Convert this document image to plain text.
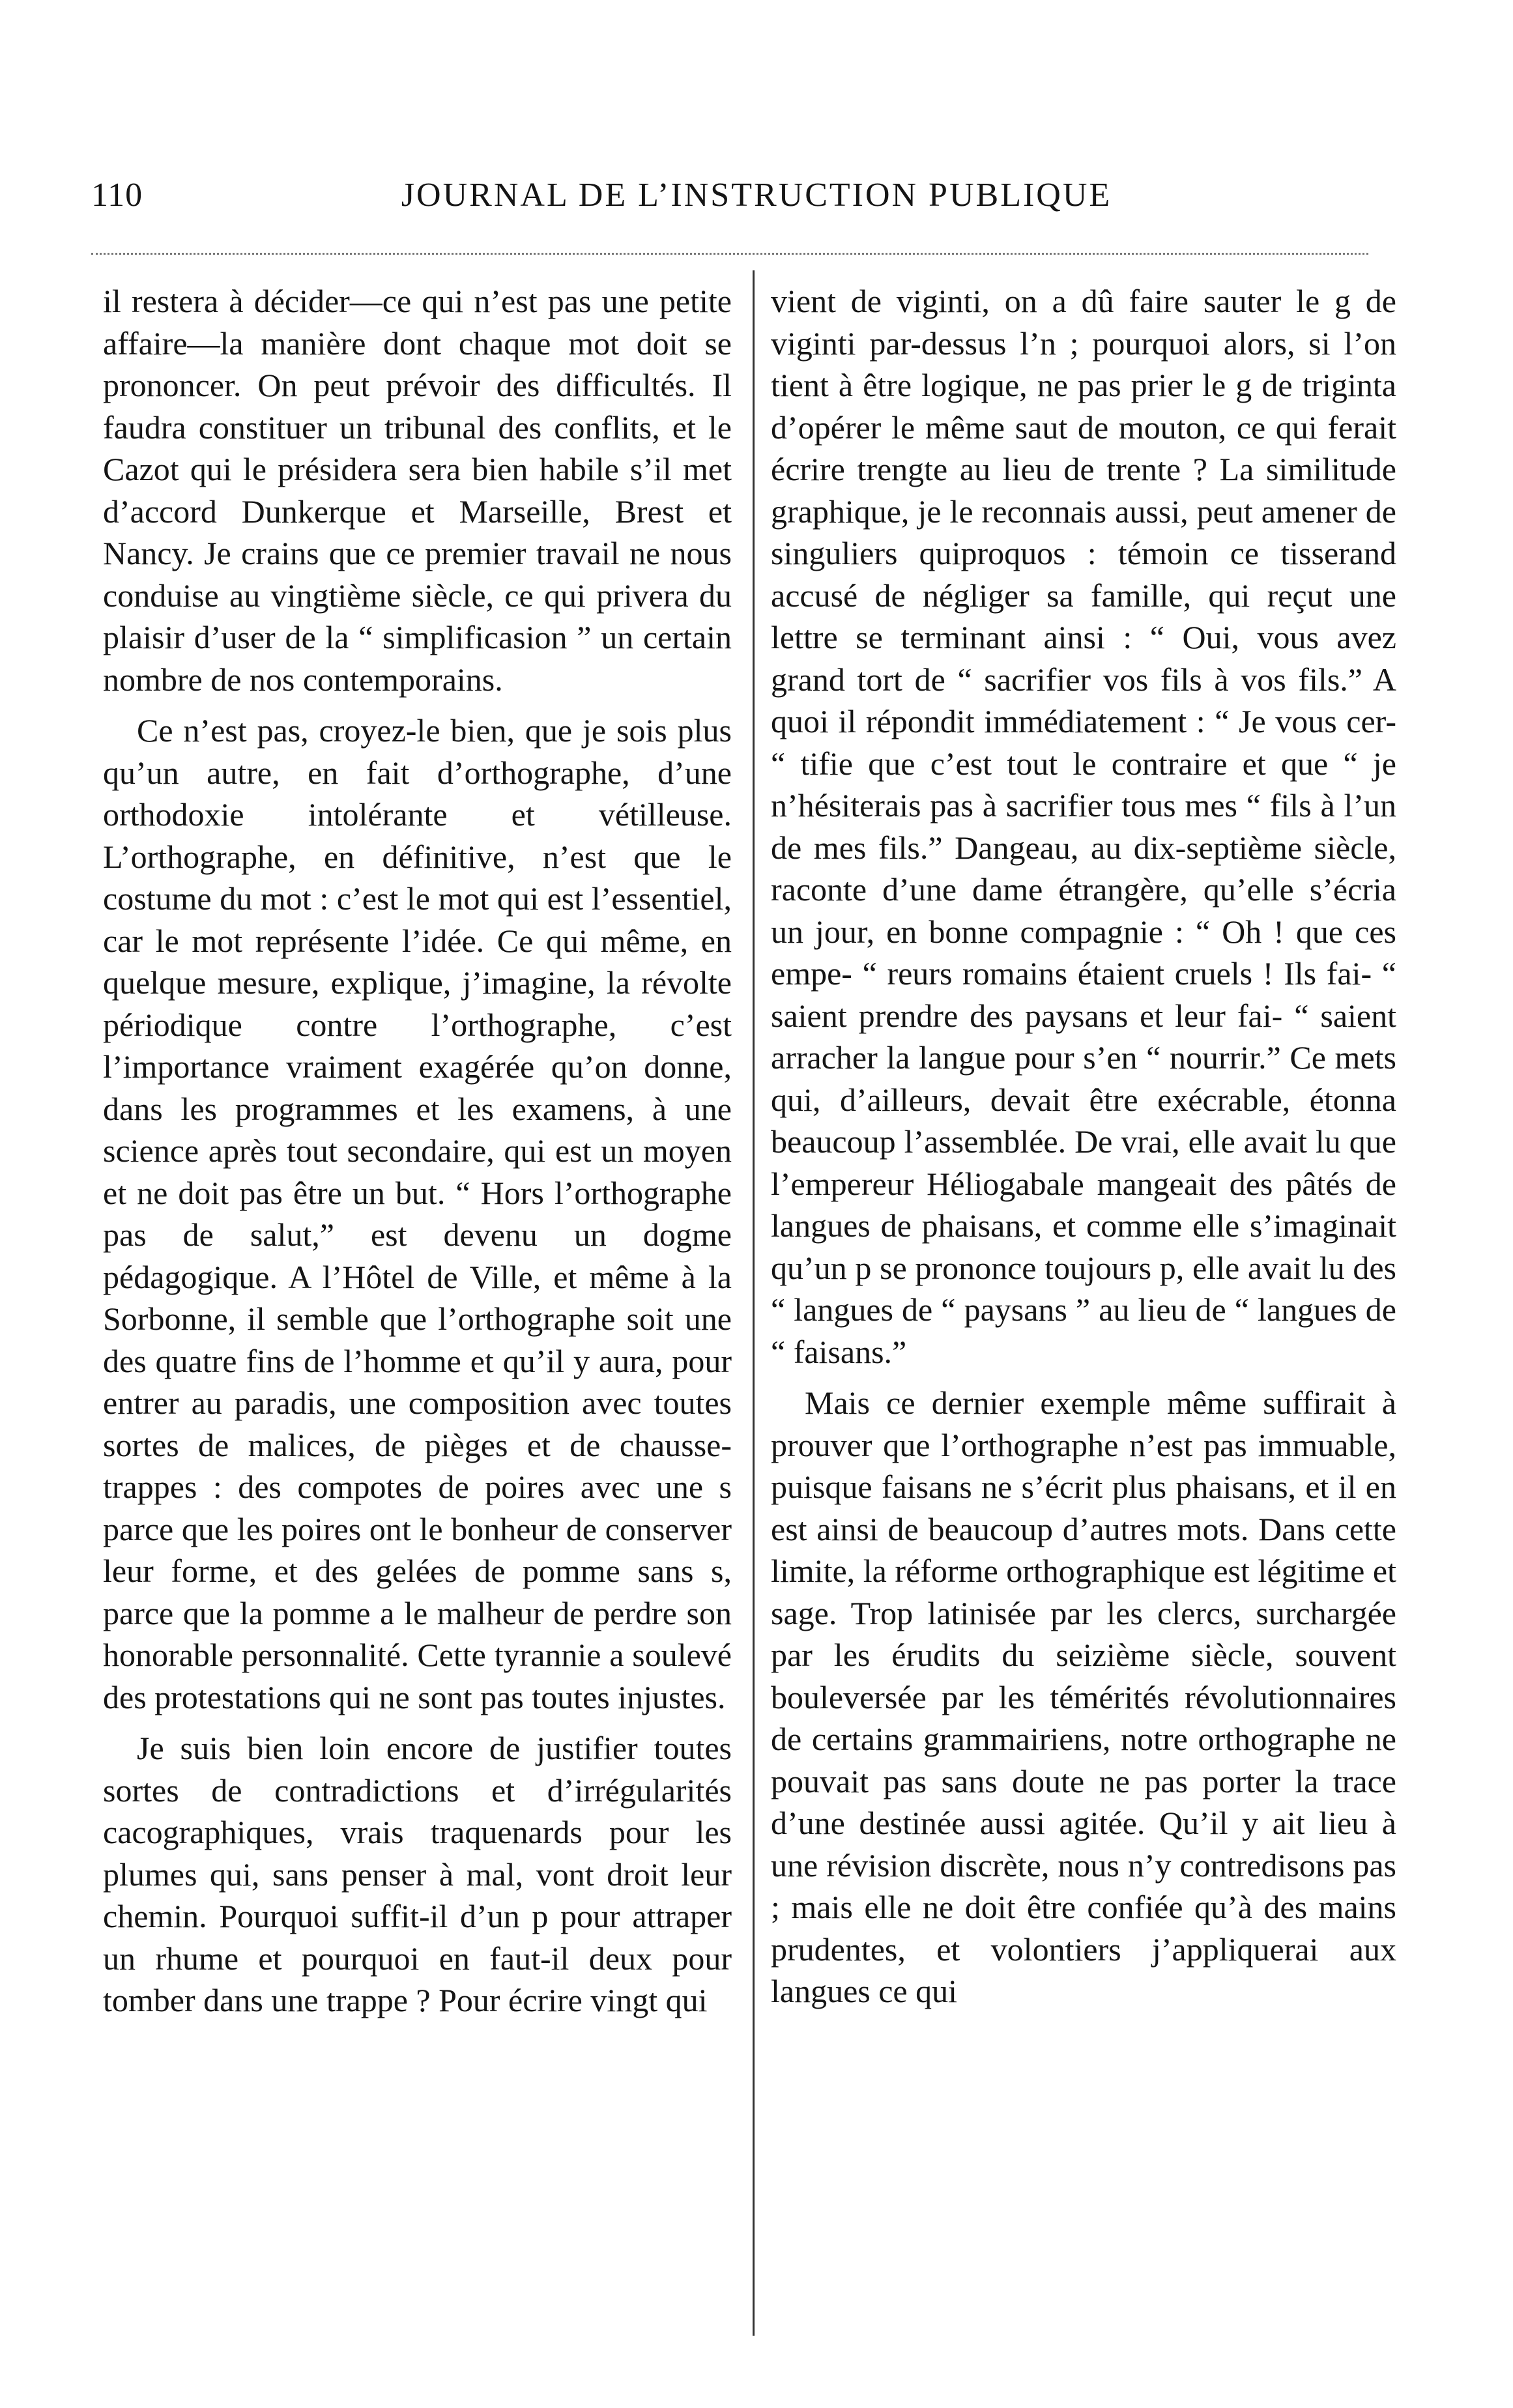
110	JOURNAL DE L’INSTRUCTION PUBLIQUE

il restera à décider—ce qui n’est pas une petite affaire—la manière dont chaque mot doit se prononcer. On peut prévoir des difficultés. Il faudra constituer un tribunal des conflits, et le Cazot qui le présidera sera bien habile s’il met d’accord Dunkerque et Marseille, Brest et Nancy. Je crains que ce premier travail ne nous conduise au vingtième siècle, ce qui privera du plaisir d’user de la “ simplificasion ” un certain nombre de nos contemporains.

Ce n’est pas, croyez-le bien, que je sois plus qu’un autre, en fait d’orthographe, d’une orthodoxie intolérante et vétilleuse. L’orthographe, en définitive, n’est que le costume du mot : c’est le mot qui est l’essentiel, car le mot représente l’idée. Ce qui même, en quelque mesure, explique, j’imagine, la révolte périodique contre l’orthographe, c’est l’importance vraiment exagérée qu’on donne, dans les programmes et les examens, à une science après tout secondaire, qui est un moyen et ne doit pas être un but. “ Hors l’orthographe pas de salut,” est devenu un dogme pédagogique. A l’Hôtel de Ville, et même à la Sorbonne, il semble que l’orthographe soit une des quatre fins de l’homme et qu’il y aura, pour entrer au paradis, une composition avec toutes sortes de malices, de pièges et de chausse-trappes : des compotes de poires avec une s parce que les poires ont le bonheur de conserver leur forme, et des gelées de pomme sans s, parce que la pomme a le malheur de perdre son honorable personnalité. Cette tyrannie a soulevé des protestations qui ne sont pas toutes injustes.

Je suis bien loin encore de justifier toutes sortes de contradictions et d’irrégularités cacographiques, vrais traquenards pour les plumes qui, sans penser à mal, vont droit leur chemin. Pourquoi suffit-il d’un p pour attraper un rhume et pourquoi en faut-il deux pour tomber dans une trappe ? Pour écrire vingt qui

vient de viginti, on a dû faire sauter le g de viginti par-dessus l’n ; pourquoi alors, si l’on tient à être logique, ne pas prier le g de triginta d’opérer le même saut de mouton, ce qui ferait écrire trengte au lieu de trente ? La similitude graphique, je le reconnais aussi, peut amener de singuliers quiproquos : témoin ce tisserand accusé de négliger sa famille, qui reçut une lettre se terminant ainsi : “ Oui, vous avez grand tort de “ sacrifier vos fils à vos fils.” A quoi il répondit immédiatement : “ Je vous cer- “ tifie que c’est tout le contraire et que “ je n’hésiterais pas à sacrifier tous mes “ fils à l’un de mes fils.” Dangeau, au dix-septième siècle, raconte d’une dame étrangère, qu’elle s’écria un jour, en bonne compagnie : “ Oh ! que ces empe- “ reurs romains étaient cruels ! Ils fai- “ saient prendre des paysans et leur fai- “ saient arracher la langue pour s’en “ nourrir.” Ce mets qui, d’ailleurs, devait être exécrable, étonna beaucoup l’assemblée. De vrai, elle avait lu que l’empereur Héliogabale mangeait des pâtés de langues de phaisans, et comme elle s’imaginait qu’un p se prononce toujours p, elle avait lu des “ langues de “ paysans ” au lieu de “ langues de “ faisans.”

Mais ce dernier exemple même suffirait à prouver que l’orthographe n’est pas immuable, puisque faisans ne s’écrit plus phaisans, et il en est ainsi de beaucoup d’autres mots. Dans cette limite, la réforme orthographique est légitime et sage. Trop latinisée par les clercs, surchargée par les érudits du seizième siècle, souvent bouleversée par les témérités révolutionnaires de certains grammairiens, notre orthographe ne pouvait pas sans doute ne pas porter la trace d’une destinée aussi agitée. Qu’il y ait lieu à une révision discrète, nous n’y contredisons pas ; mais elle ne doit être confiée qu’à des mains prudentes, et volontiers j’appliquerai aux langues ce qui
